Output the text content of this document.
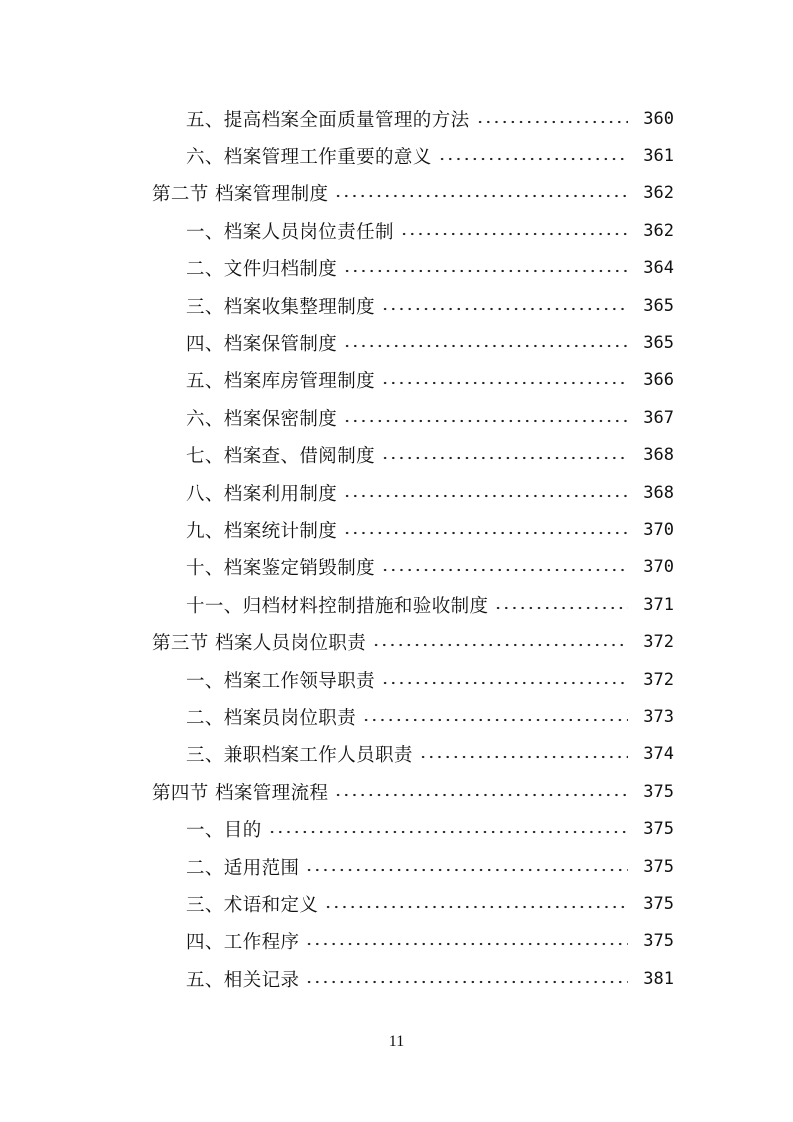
五、提高档案全面质量管理的方法	360
六、档案管理工作重要的意义	361
第二节 档案管理制度	362
一、档案人员岗位责任制	362
二、文件归档制度	364
三、档案收集整理制度	365
四、档案保管制度	365
五、档案库房管理制度	366
六、档案保密制度	367
七、档案查、借阅制度	368
八、档案利用制度	368
九、档案统计制度	370
十、档案鉴定销毁制度	370
十一、归档材料控制措施和验收制度	371
第三节 档案人员岗位职责	372
一、档案工作领导职责	372
二、档案员岗位职责	373
三、兼职档案工作人员职责	374
第四节 档案管理流程	375
一、目的	375
二、适用范围	375
三、术语和定义	375
四、工作程序	375
五、相关记录	381
11
